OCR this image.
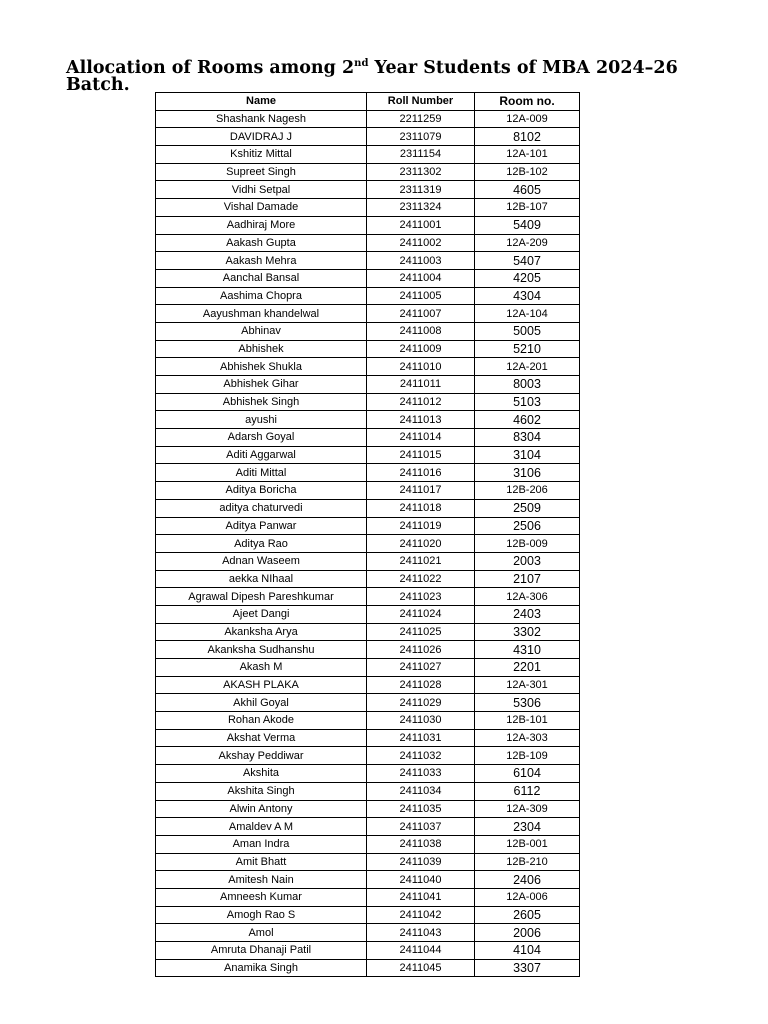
Allocation of Rooms among 2nd Year Students of MBA 2024–26 Batch.
Name	Roll Number	Room no.
Shashank Nagesh	2211259	12A-009
DAVIDRAJ J	2311079	8102
Kshitiz Mittal	2311154	12A-101
Supreet Singh	2311302	12B-102
Vidhi Setpal	2311319	4605
Vishal Damade	2311324	12B-107
Aadhiraj More	2411001	5409
Aakash Gupta	2411002	12A-209
Aakash Mehra	2411003	5407
Aanchal Bansal	2411004	4205
Aashima Chopra	2411005	4304
Aayushman khandelwal	2411007	12A-104
Abhinav	2411008	5005
Abhishek	2411009	5210
Abhishek Shukla	2411010	12A-201
Abhishek Gihar	2411011	8003
Abhishek Singh	2411012	5103
ayushi	2411013	4602
Adarsh Goyal	2411014	8304
Aditi Aggarwal	2411015	3104
Aditi Mittal	2411016	3106
Aditya Boricha	2411017	12B-206
aditya chaturvedi	2411018	2509
Aditya Panwar	2411019	2506
Aditya Rao	2411020	12B-009
Adnan Waseem	2411021	2003
aekka NIhaal	2411022	2107
Agrawal Dipesh Pareshkumar	2411023	12A-306
Ajeet Dangi	2411024	2403
Akanksha Arya	2411025	3302
Akanksha Sudhanshu	2411026	4310
Akash M	2411027	2201
AKASH PLAKA	2411028	12A-301
Akhil Goyal	2411029	5306
Rohan Akode	2411030	12B-101
Akshat Verma	2411031	12A-303
Akshay Peddiwar	2411032	12B-109
Akshita	2411033	6104
Akshita Singh	2411034	6112
Alwin Antony	2411035	12A-309
Amaldev A M	2411037	2304
Aman Indra	2411038	12B-001
Amit Bhatt	2411039	12B-210
Amitesh Nain	2411040	2406
Amneesh Kumar	2411041	12A-006
Amogh Rao S	2411042	2605
Amol	2411043	2006
Amruta Dhanaji Patil	2411044	4104
Anamika Singh	2411045	3307
